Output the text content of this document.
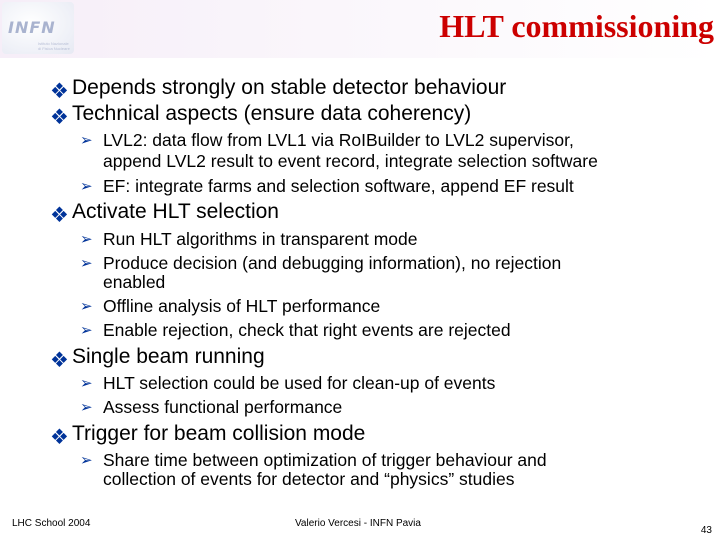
INFN
Istituto Nazionale di Fisica Nucleare
HLT commissioning
❖ Depends strongly on stable detector behaviour
❖ Technical aspects (ensure data coherency)
➢ LVL2: data flow from LVL1 via RoIBuilder to LVL2 supervisor,
append LVL2 result to event record, integrate selection software
➢ EF: integrate farms and selection software, append EF result
❖ Activate HLT selection
➢ Run HLT algorithms in transparent mode
➢ Produce decision (and debugging information), no rejection
enabled
➢ Offline analysis of HLT performance
➢ Enable rejection, check that right events are rejected
❖ Single beam running
➢ HLT selection could be used for clean-up of events
➢ Assess functional performance
❖ Trigger for beam collision mode
➢ Share time between optimization of trigger behaviour and
collection of events for detector and “physics” studies
LHC School 2004	Valerio Vercesi - INFN Pavia
43
